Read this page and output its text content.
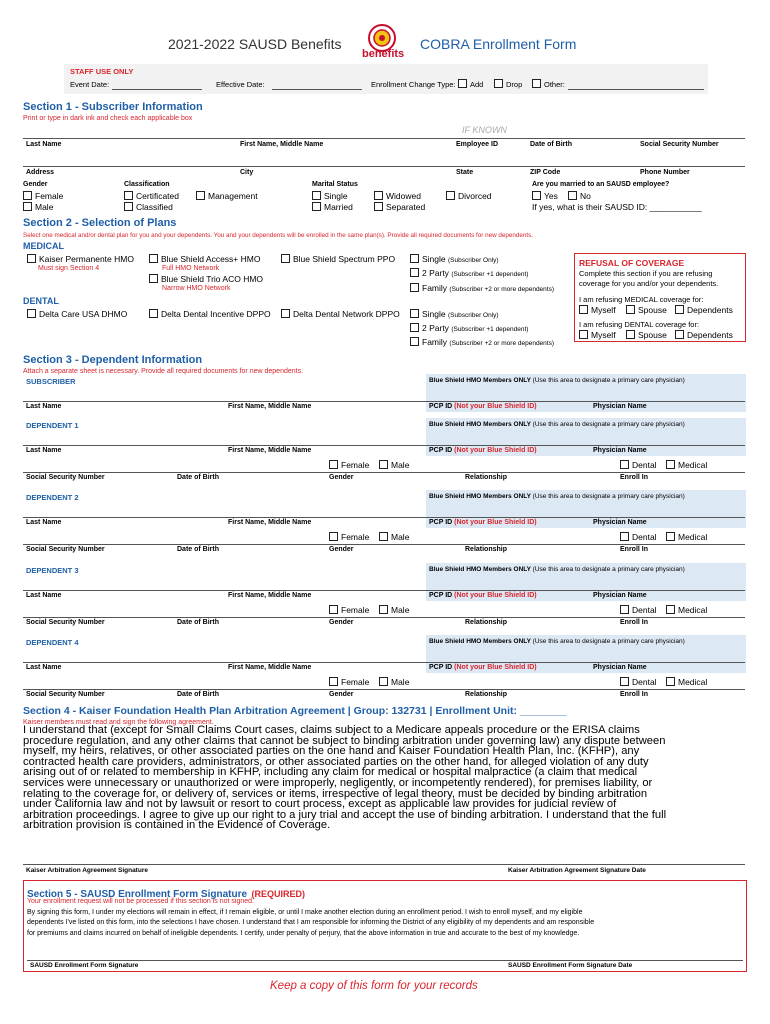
2021-2022 SAUSD Benefits
benefits
COBRA Enrollment Form
STAFF USE ONLY
Event Date:	Effective Date:	Enrollment Change Type:	Add	Drop	Other:
Section 1 - Subscriber Information
Print or type in dark ink and check each applicable box
IF KNOWN
Last Name	First Name, Middle Name	Employee ID	Date of Birth	Social Security Number
Address	City	State	ZIP Code	Phone Number
Gender
Female
Male
Classification
Certificated
Classified
Management
Marital Status
Single
Married
Widowed
Separated
Divorced
Are you married to an SAUSD employee?
Yes	No
If yes, what is their SAUSD ID: ___________
Section 2 - Selection of Plans
Select one medical and/or dental plan for you and your dependents. You and your dependents will be enrolled in the same plan(s). Provide all required documents for new dependents.
MEDICAL
Kaiser Permanente HMO
Must sign Section 4
Blue Shield Access+ HMO
Full HMO Network
Blue Shield Trio ACO HMO
Narrow HMO Network
Blue Shield Spectrum PPO	Single (Subscriber Only)
2 Party (Subscriber +1 dependent)
Family (Subscriber +2 or more dependents)
DENTAL
Delta Care USA DHMO	Delta Dental Incentive DPPO	Delta Dental Network DPPO	Single (Subscriber Only)
2 Party (Subscriber +1 dependent)
Family (Subscriber +2 or more dependents)
REFUSAL OF COVERAGE
Complete this section if you are refusing
coverage for you and/or your dependents.
I am refusing MEDICAL coverage for:
Myself	Spouse	Dependents
I am refusing DENTAL coverage for:
Myself	Spouse	Dependents
Section 3 - Dependent Information
Attach a separate sheet is necessary. Provide all required documents for new dependents.
SUBSCRIBER	Blue Shield HMO Members ONLY (Use this area to designate a primary care physician)
Last Name	First Name, Middle Name	PCP ID (Not your Blue Shield ID)	Physician Name
DEPENDENT 1	Blue Shield HMO Members ONLY (Use this area to designate a primary care physician)
Last Name	First Name, Middle Name	PCP ID (Not your Blue Shield ID)	Physician Name
Female	Male	Dental	Medical
Social Security Number	Date of Birth	Gender	Relationship	Enroll In
DEPENDENT 2	Blue Shield HMO Members ONLY (Use this area to designate a primary care physician)
Last Name	First Name, Middle Name	PCP ID (Not your Blue Shield ID)	Physician Name
Female	Male	Dental	Medical
Social Security Number	Date of Birth	Gender	Relationship	Enroll In
DEPENDENT 3	Blue Shield HMO Members ONLY (Use this area to designate a primary care physician)
Last Name	First Name, Middle Name	PCP ID (Not your Blue Shield ID)	Physician Name
Female	Male	Dental	Medical
Social Security Number	Date of Birth	Gender	Relationship	Enroll In
DEPENDENT 4	Blue Shield HMO Members ONLY (Use this area to designate a primary care physician)
Last Name	First Name, Middle Name	PCP ID (Not your Blue Shield ID)	Physician Name
Female	Male	Dental	Medical
Social Security Number	Date of Birth	Gender	Relationship	Enroll In
Section 4 - Kaiser Foundation Health Plan Arbitration Agreement | Group: 132731 | Enrollment Unit: ________
Kaiser members must read and sign the following agreement.
I understand that (except for Small Claims Court cases, claims subject to a Medicare appeals procedure or the ERISA claims
procedure regulation, and any other claims that cannot be subject to binding arbitration under governing law) any dispute between
myself, my heirs, relatives, or other associated parties on the one hand and Kaiser Foundation Health Plan, Inc. (KFHP), any
contracted health care providers, administrators, or other associated parties on the other hand, for alleged violation of any duty
arising out of or related to membership in KFHP, including any claim for medical or hospital malpractice (a claim that medical
services were unnecessary or unauthorized or were improperly, negligently, or incompetently rendered), for premises liability, or
relating to the coverage for, or delivery of, services or items, irrespective of legal theory, must be decided by binding arbitration
under California law and not by lawsuit or resort to court process, except as applicable law provides for judicial review of
arbitration proceedings. I agree to give up our right to a jury trial and accept the use of binding arbitration. I understand that the full
arbitration provision is contained in the Evidence of Coverage.
Kaiser Arbitration Agreement Signature	Kaiser Arbitration Agreement Signature Date
Section 5 - SAUSD Enrollment Form Signature (REQUIRED)
Your enrollment request will not be processed if this section is not signed.
By signing this form, I under my elections will remain in effect, if I remain eligible, or until I make another election during an enrollment period. I wish to enroll myself, and my eligible
dependents I've listed on this form, into the selections I have chosen. I understand that I am responsible for informing the District of any eligibility of my dependents and am responsible
for premiums and claims incurred on behalf of ineligible dependents. I certify, under penalty of perjury, that the above information in true and accurate to the best of my knowledge.
SAUSD Enrollment Form Signature	SAUSD Enrollment Form Signature Date
Keep a copy of this form for your records
